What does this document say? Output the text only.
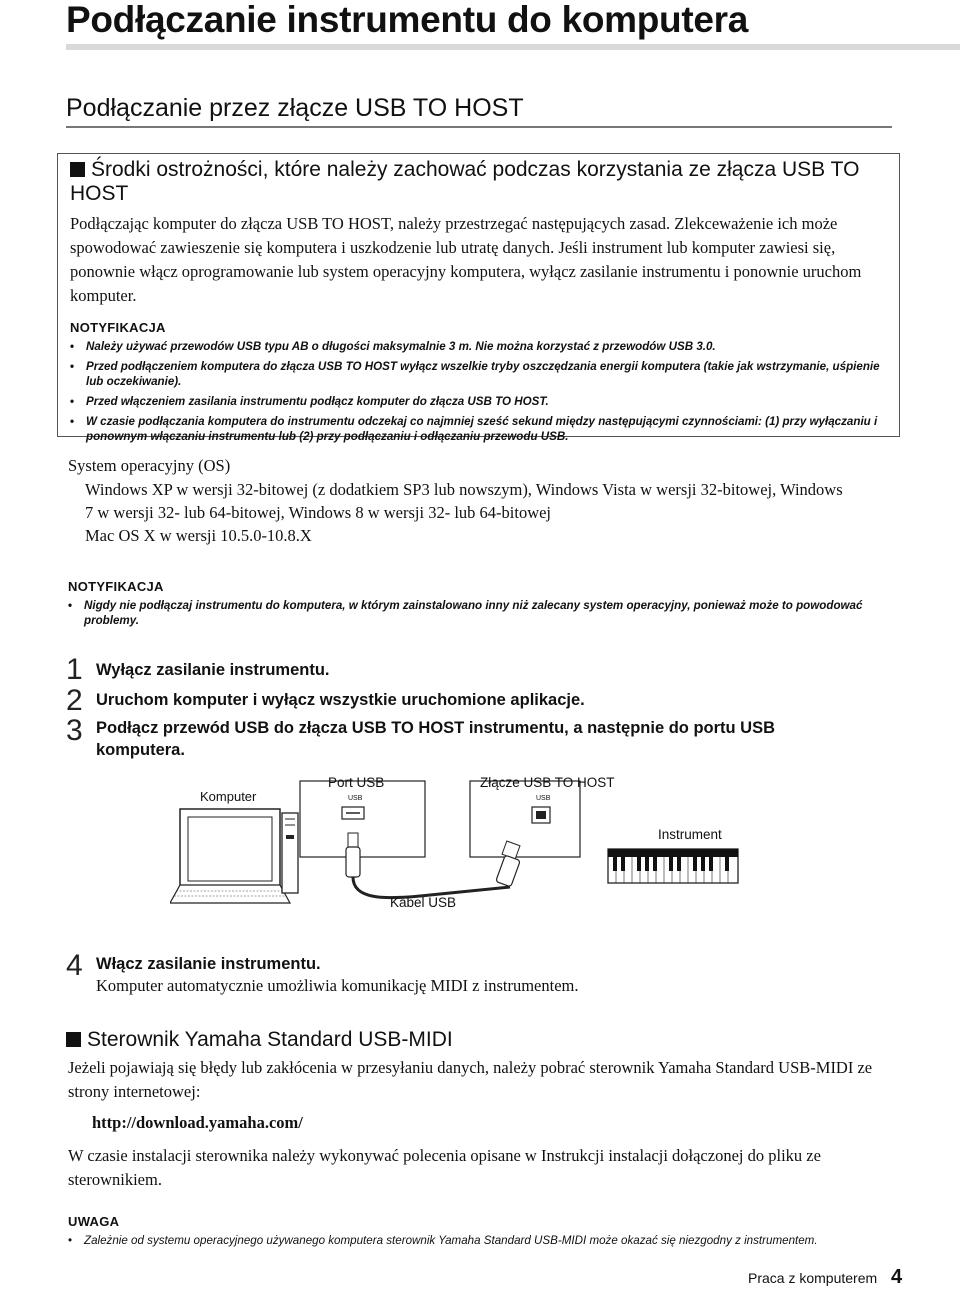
Podłączanie instrumentu do komputera
Podłączanie przez złącze USB TO HOST
Środki ostrożności, które należy zachować podczas korzystania ze złącza USB TO HOST
Podłączając komputer do złącza USB TO HOST, należy przestrzegać następujących zasad. Zlekceważenie ich może spowodować zawieszenie się komputera i uszkodzenie lub utratę danych. Jeśli instrument lub komputer zawiesi się, ponownie włącz oprogramowanie lub system operacyjny komputera, wyłącz zasilanie instrumentu i ponownie uruchom komputer.
NOTYFIKACJA
• Należy używać przewodów USB typu AB o długości maksymalnie 3 m. Nie można korzystać z przewodów USB 3.0.
• Przed podłączeniem komputera do złącza USB TO HOST wyłącz wszelkie tryby oszczędzania energii komputera (takie jak wstrzymanie, uśpienie lub oczekiwanie).
• Przed włączeniem zasilania instrumentu podłącz komputer do złącza USB TO HOST.
• W czasie podłączania komputera do instrumentu odczekaj co najmniej sześć sekund między następującymi czynnościami: (1) przy wyłączaniu i ponownym włączaniu instrumentu lub (2) przy podłączaniu i odłączaniu przewodu USB.
System operacyjny (OS)
Windows XP w wersji 32-bitowej (z dodatkiem SP3 lub nowszym), Windows Vista w wersji 32-bitowej, Windows 7 w wersji 32- lub 64-bitowej, Windows 8 w wersji 32- lub 64-bitowej
Mac OS X w wersji 10.5.0-10.8.X
NOTYFIKACJA
• Nigdy nie podłączaj instrumentu do komputera, w którym zainstalowano inny niż zalecany system operacyjny, ponieważ może to powodować problemy.
1 Wyłącz zasilanie instrumentu.
2 Uruchom komputer i wyłącz wszystkie uruchomione aplikacje.
3 Podłącz przewód USB do złącza USB TO HOST instrumentu, a następnie do portu USB komputera.
Komputer
Port USB	Złącze USB TO HOST
Instrument
Kabel USB
USB	USB
4 Włącz zasilanie instrumentu.
Komputer automatycznie umożliwia komunikację MIDI z instrumentem.
Sterownik Yamaha Standard USB-MIDI
Jeżeli pojawiają się błędy lub zakłócenia w przesyłaniu danych, należy pobrać sterownik Yamaha Standard USB-MIDI ze strony internetowej:
http://download.yamaha.com/
W czasie instalacji sterownika należy wykonywać polecenia opisane w Instrukcji instalacji dołączonej do pliku ze sterownikiem.
UWAGA
• Zależnie od systemu operacyjnego używanego komputera sterownik Yamaha Standard USB-MIDI może okazać się niezgodny z instrumentem.
Praca z komputerem 4
